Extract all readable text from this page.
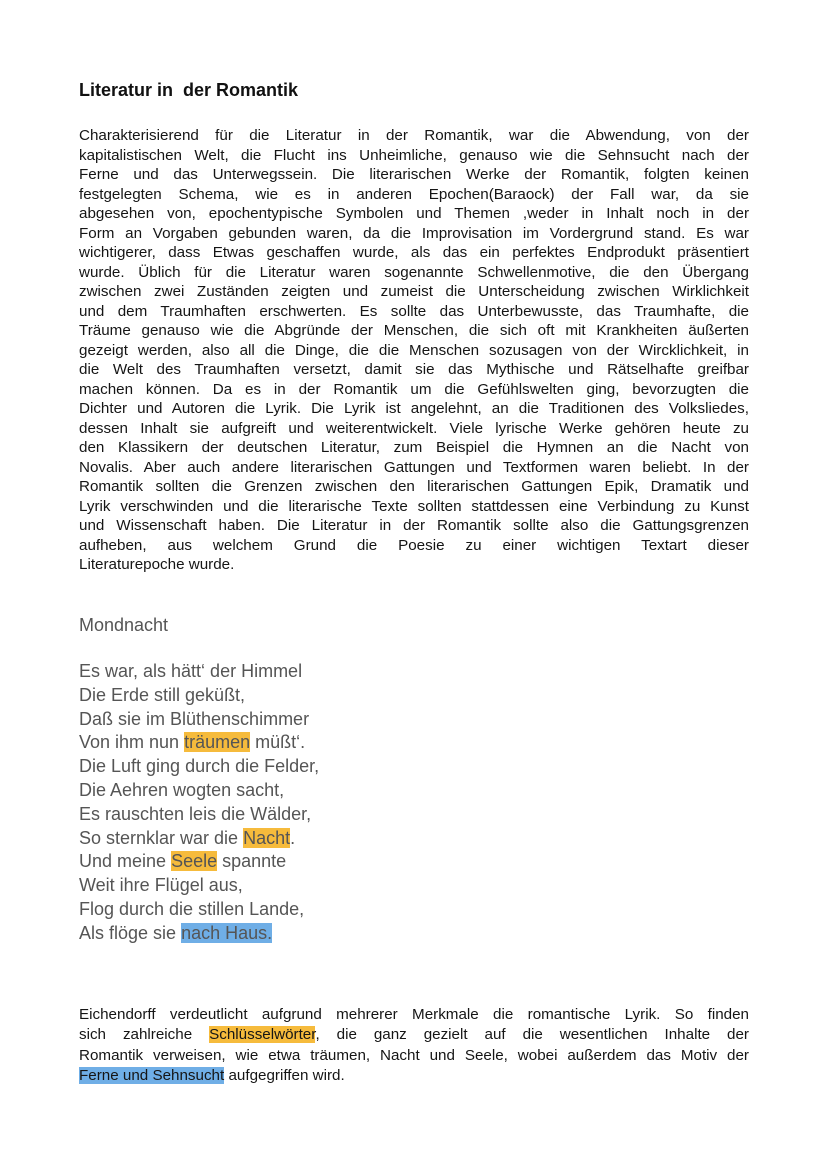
Literatur in  der Romantik
Charakterisierend für die Literatur in der Romantik, war die Abwendung, von der
kapitalistischen Welt, die Flucht ins Unheimliche, genauso wie die Sehnsucht nach der
Ferne und das Unterwegssein. Die literarischen Werke der Romantik, folgten keinen
festgelegten Schema, wie es in anderen Epochen(Baraock) der Fall war, da sie
abgesehen von, epochentypische Symbolen und Themen ,weder in Inhalt noch in der
Form an Vorgaben gebunden waren, da die Improvisation im Vordergrund stand. Es war
wichtigerer, dass Etwas geschaffen wurde, als das ein perfektes Endprodukt präsentiert
wurde. Üblich für die Literatur waren sogenannte Schwellenmotive, die den Übergang
zwischen zwei Zuständen zeigten und zumeist die Unterscheidung zwischen Wirklichkeit
und dem Traumhaften erschwerten. Es sollte das Unterbewusste, das Traumhafte, die
Träume genauso wie die Abgründe der Menschen, die sich oft mit Krankheiten äußerten
gezeigt werden, also all die Dinge, die die Menschen sozusagen von der Wircklichkeit, in
die Welt des Traumhaften versetzt, damit sie das Mythische und Rätselhafte greifbar
machen können. Da es in der Romantik um die Gefühlswelten ging, bevorzugten die
Dichter und Autoren die Lyrik. Die Lyrik ist angelehnt, an die Traditionen des Volksliedes,
dessen Inhalt sie aufgreift und weiterentwickelt. Viele lyrische Werke gehören heute zu
den Klassikern der deutschen Literatur, zum Beispiel die Hymnen an die Nacht von
Novalis. Aber auch andere literarischen Gattungen und Textformen waren beliebt. In der
Romantik sollten die Grenzen zwischen den literarischen Gattungen Epik, Dramatik und
Lyrik verschwinden und die literarische Texte sollten stattdessen eine Verbindung zu Kunst
und Wissenschaft haben. Die Literatur in der Romantik sollte also die Gattungsgrenzen
aufheben, aus welchem Grund die Poesie zu einer wichtigen Textart dieser
Literaturepoche wurde.
Mondnacht
Es war, als hätt‘ der Himmel
Die Erde still geküßt,
Daß sie im Blüthenschimmer
Von ihm nun träumen müßt‘.
Die Luft ging durch die Felder,
Die Aehren wogten sacht,
Es rauschten leis die Wälder,
So sternklar war die Nacht.
Und meine Seele spannte
Weit ihre Flügel aus,
Flog durch die stillen Lande,
Als flöge sie nach Haus.
Eichendorff verdeutlicht aufgrund mehrerer Merkmale die romantische Lyrik. So finden
sich zahlreiche Schlüsselwörter, die ganz gezielt auf die wesentlichen Inhalte der
Romantik verweisen, wie etwa träumen, Nacht und Seele, wobei außerdem das Motiv der
Ferne und Sehnsucht aufgegriffen wird.
